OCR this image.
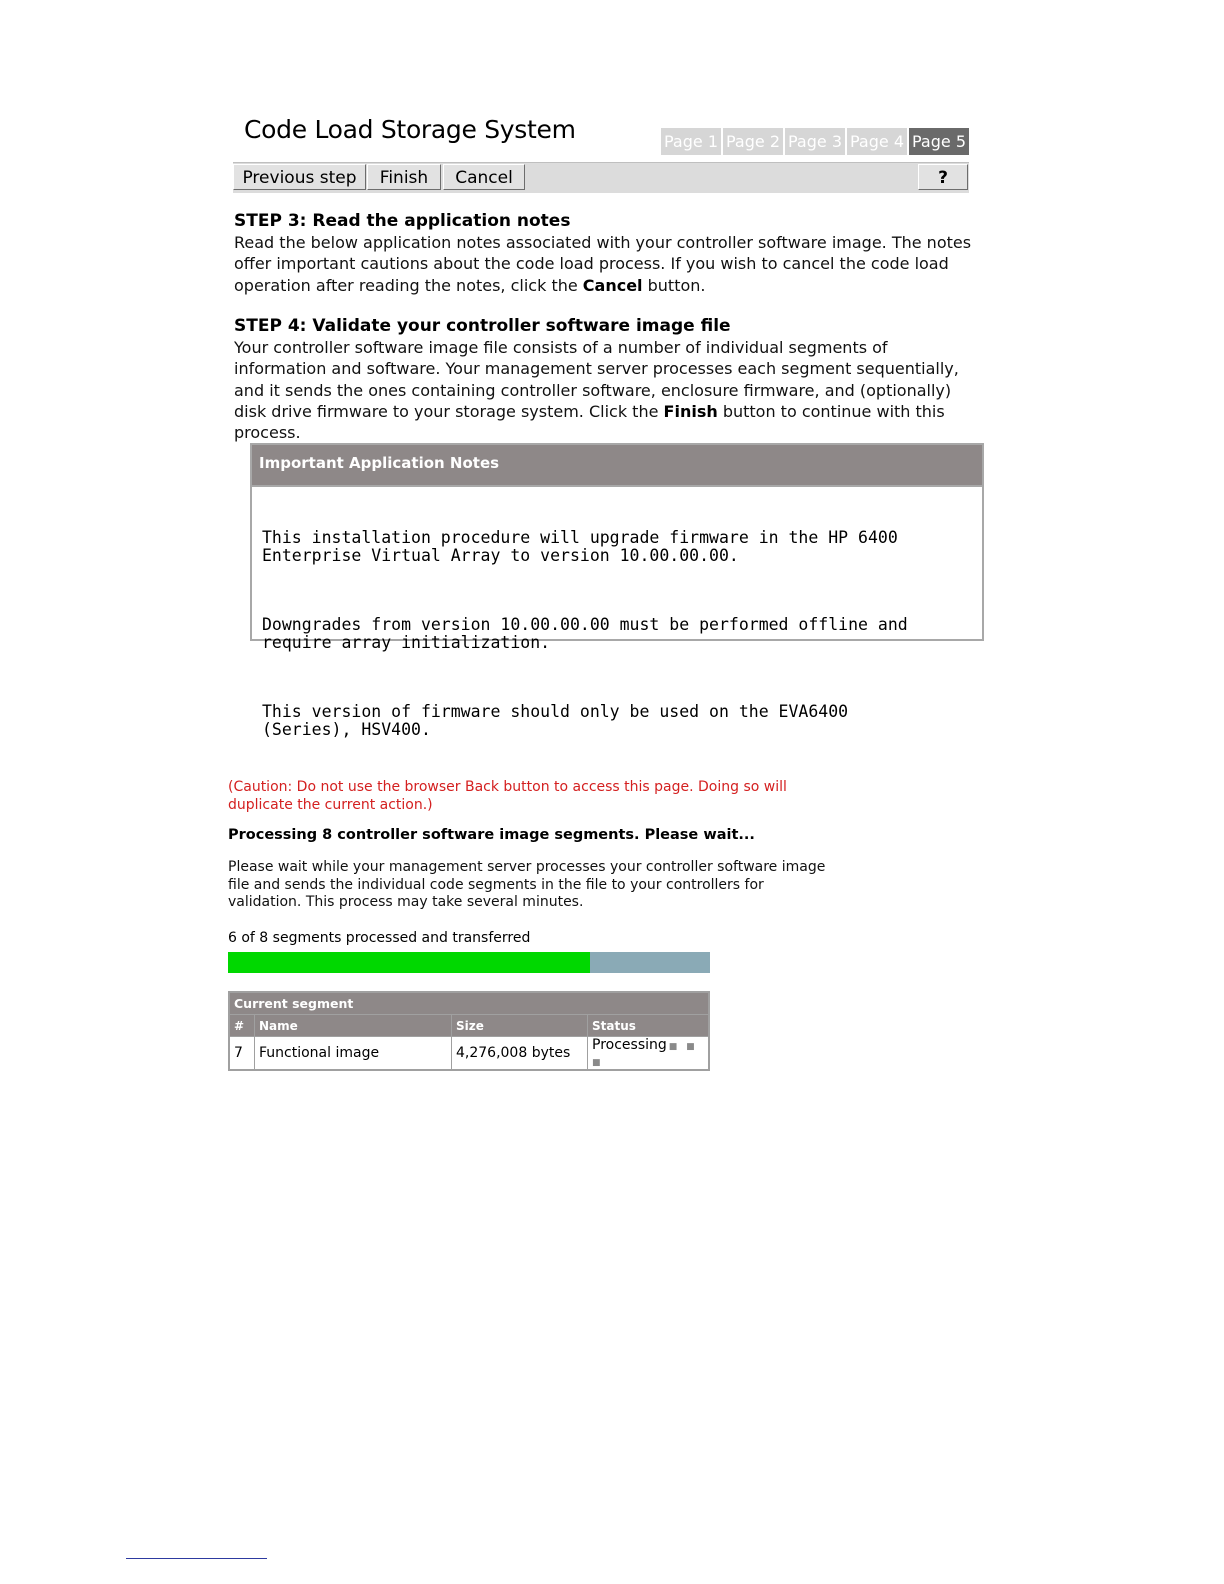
Code Load Storage System	Page 1 Page 2 Page 3 Page 4 Page 5
Previous step	Finish	Cancel	?
STEP 3: Read the application notes
Read the below application notes associated with your controller software image. The notes offer important cautions about the code load process. If you wish to cancel the code load operation after reading the notes, click the Cancel button.
STEP 4: Validate your controller software image file
Your controller software image file consists of a number of individual segments of information and software. Your management server processes each segment sequentially, and it sends the ones containing controller software, enclosure firmware, and (optionally) disk drive firmware to your storage system. Click the Finish button to continue with this process.
Important Application Notes

This installation procedure will upgrade firmware in the HP 6400
Enterprise Virtual Array to version 10.00.00.00.

Downgrades from version 10.00.00.00 must be performed offline and
require array initialization.

This version of firmware should only be used on the EVA6400
(Series), HSV400.

(Caution: Do not use the browser Back button to access this page. Doing so will duplicate the current action.)
Processing 8 controller software image segments. Please wait...
Please wait while your management server processes your controller software image file and sends the individual code segments in the file to your controllers for validation. This process may take several minutes.
6 of 8 segments processed and transferred
Current segment			
#	Name	Size	Status
7	Functional image	4,276,008 bytes	Processing ■ ■ ■
